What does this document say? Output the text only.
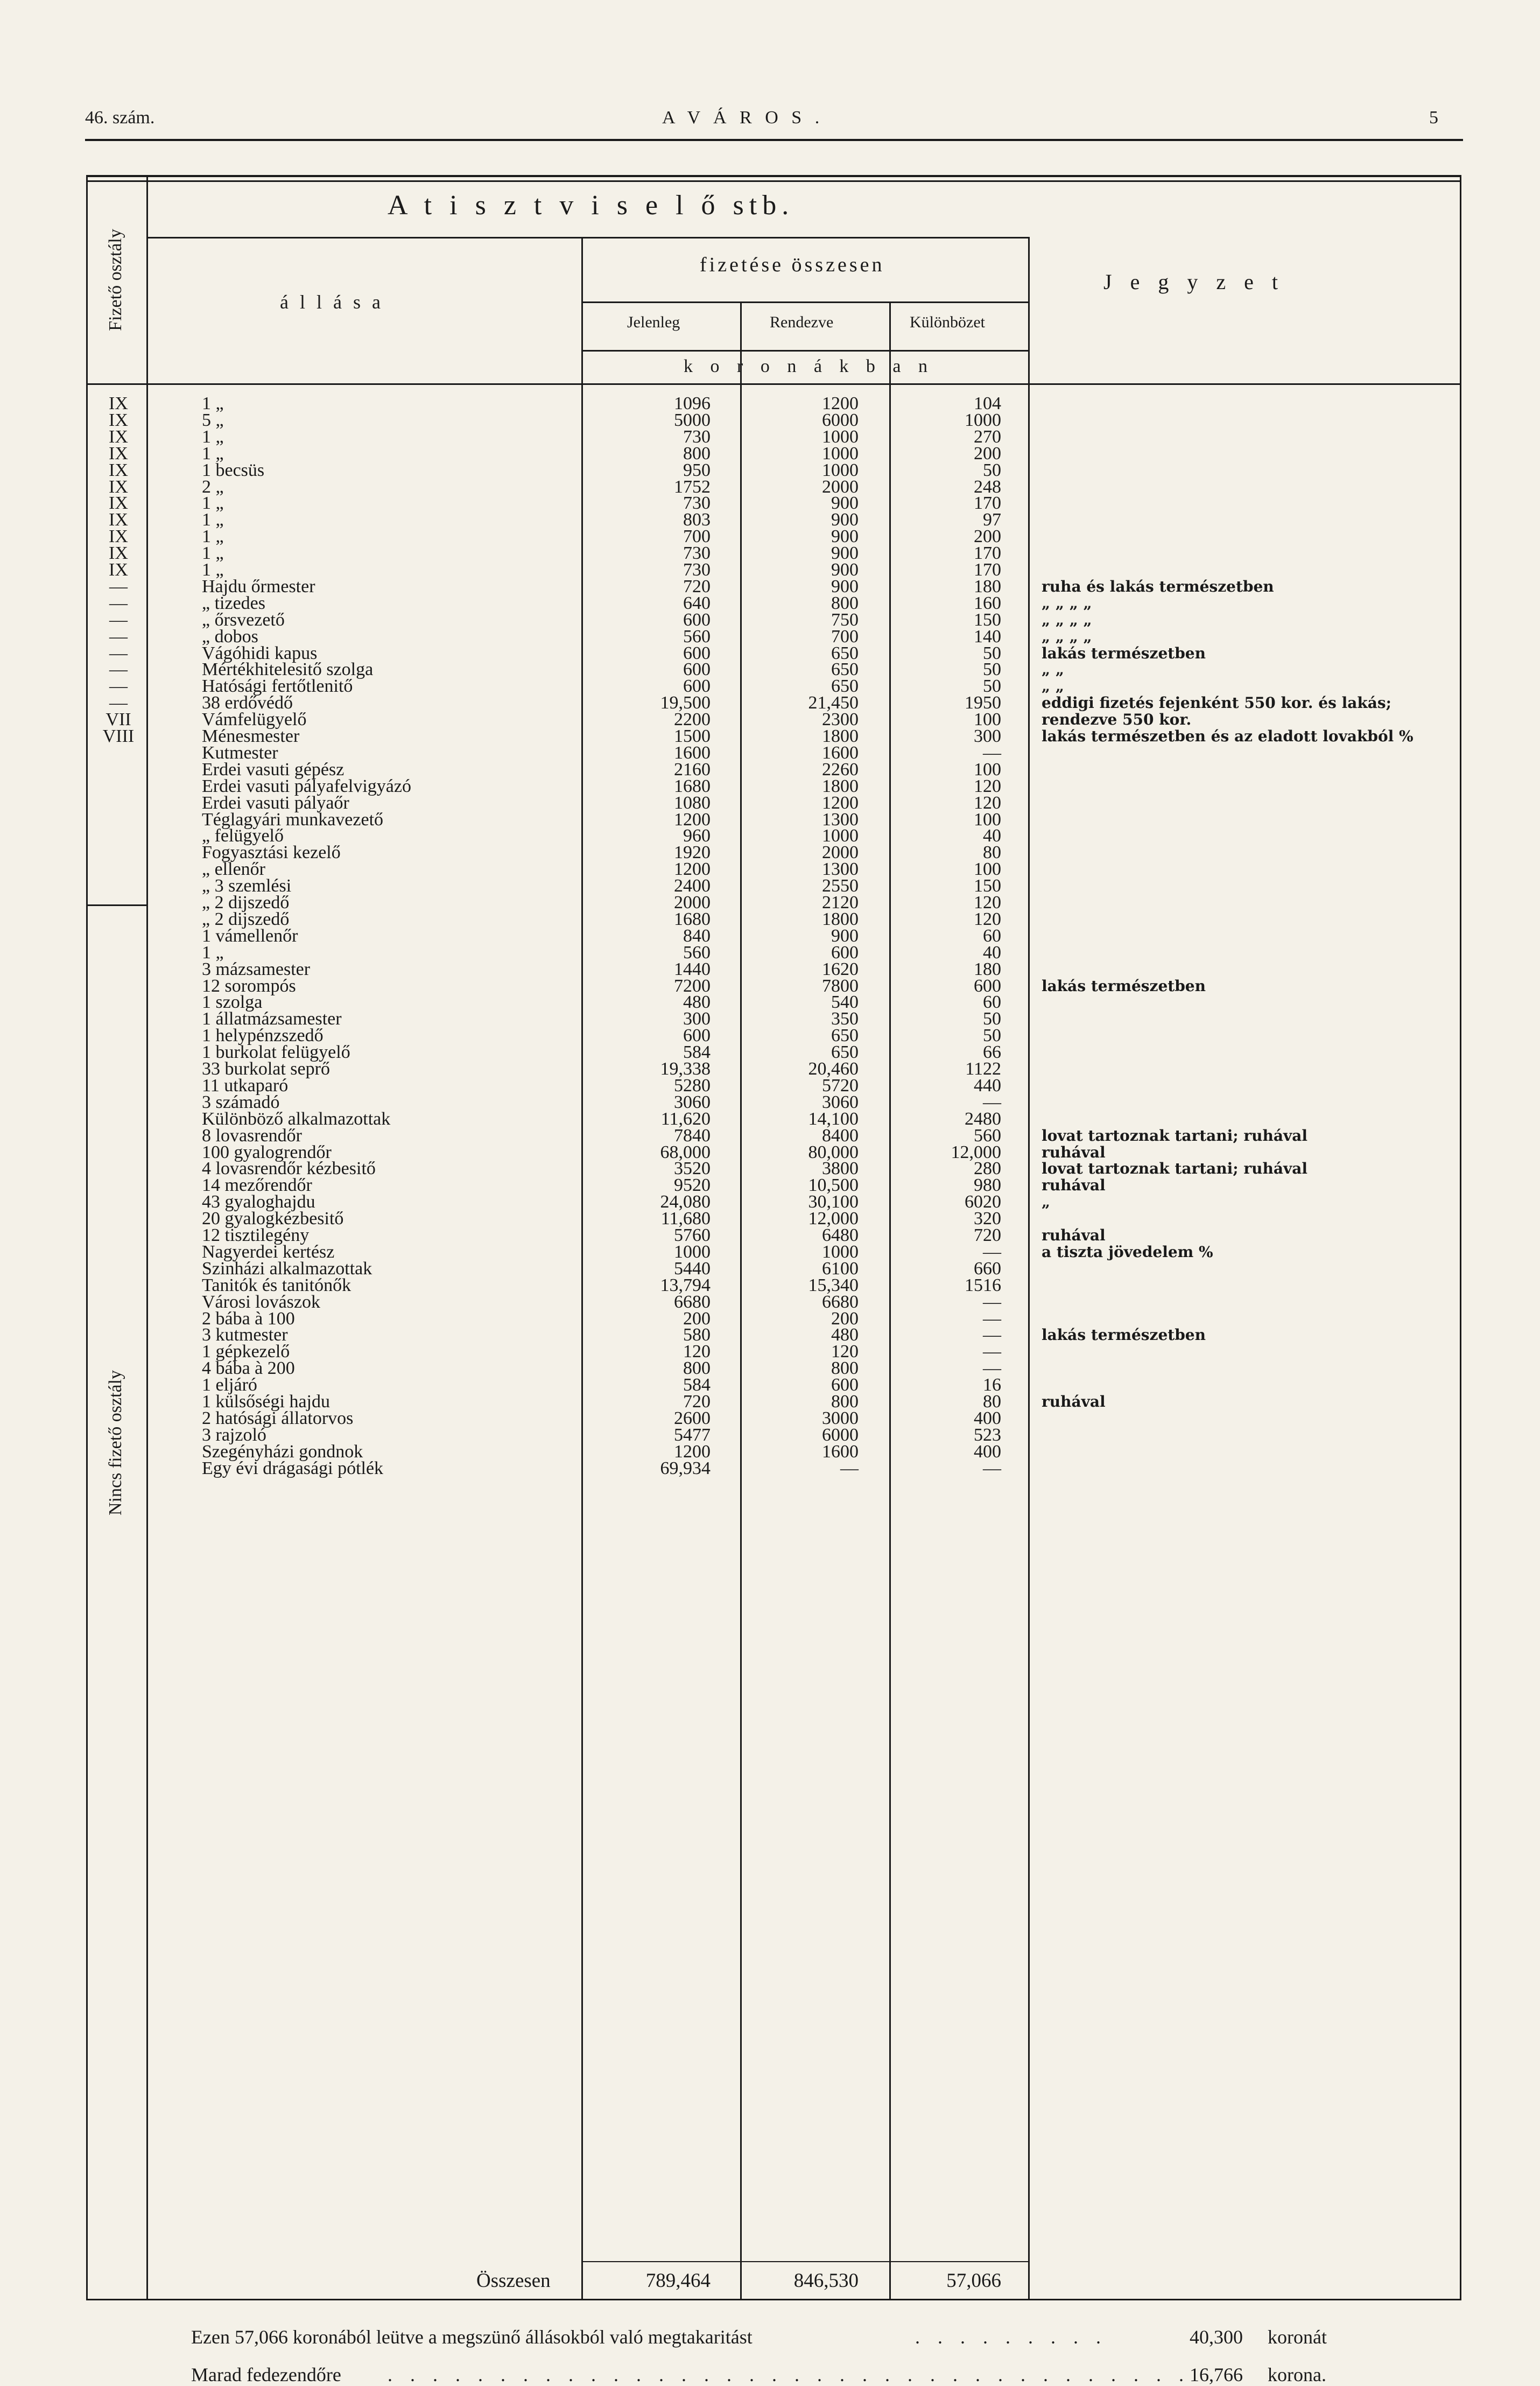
46. szám.	A V Á R O S .	5
A t i s z t v i s e l ő stb.
á l l á s a
fizetése összesen
Jelenleg	Rendezve	Különbözet
J e g y z e t
k o r o n á k b a n
Fizető osztály
Nincs fizető osztály
IX	1 „	1096	1200	104
IX	5 „	5000	6000	1000
IX	1 „	730	1000	270
IX	1 „	800	1000	200
IX	1 becsüs	950	1000	50
IX	2 „	1752	2000	248
IX	1 „	730	900	170
IX	1 „	803	900	97
IX	1 „	700	900	200
IX	1 „	730	900	170
IX	1 „	730	900	170
—	Hajdu őrmester	720	900	180	ruha és lakás természetben
—	„ tizedes	640	800	160	„ „ „ „
—	„ őrsvezető	600	750	150	„ „ „ „
—	„ dobos	560	700	140	„ „ „ „
—	Vágóhidi kapus	600	650	50	lakás természetben
—	Mértékhitelesitő szolga	600	650	50	„ „
—	Hatósági fertőtlenitő	600	650	50	„ „
—	38 erdővédő	19,500	21,450	1950	eddigi fizetés fejenként 550 kor. és lakás;
VII	Vámfelügyelő	2200	2300	100	rendezve 550 kor.
VIII	Ménesmester	1500	1800	300	lakás természetben és az eladott lovakból %
Kutmester	1600	1600	—
Erdei vasuti gépész	2160	2260	100
Erdei vasuti pályafelvigyázó	1680	1800	120
Erdei vasuti pályaőr	1080	1200	120
Téglagyári munkavezető	1200	1300	100
„ felügyelő	960	1000	40
Fogyasztási kezelő	1920	2000	80
„ ellenőr	1200	1300	100
„ 3 szemlési	2400	2550	150
„ 2 dijszedő	2000	2120	120
„ 2 dijszedő	1680	1800	120
1 vámellenőr	840	900	60
1 „	560	600	40
3 mázsamester	1440	1620	180
12 sorompós	7200	7800	600	lakás természetben
1 szolga	480	540	60
1 állatmázsamester	300	350	50
1 helypénzszedő	600	650	50
1 burkolat felügyelő	584	650	66
33 burkolat seprő	19,338	20,460	1122
11 utkaparó	5280	5720	440
3 számadó	3060	3060	—
Különböző alkalmazottak	11,620	14,100	2480
8 lovasrendőr	7840	8400	560	lovat tartoznak tartani; ruhával
100 gyalogrendőr	68,000	80,000	12,000	ruhával
4 lovasrendőr kézbesitő	3520	3800	280	lovat tartoznak tartani; ruhával
14 mezőrendőr	9520	10,500	980	ruhával
43 gyaloghajdu	24,080	30,100	6020	„
20 gyalogkézbesitő	11,680	12,000	320
12 tisztilegény	5760	6480	720	ruhával
Nagyerdei kertész	1000	1000	—	a tiszta jövedelem %
Szinházi alkalmazottak	5440	6100	660
Tanitók és tanitónők	13,794	15,340	1516
Városi lovászok	6680	6680	—
2 bába à 100	200	200	—
3 kutmester	580	480	—	lakás természetben
1 gépkezelő	120	120	—
4 bába à 200	800	800	—
1 eljáró	584	600	16
1 külsőségi hajdu	720	800	80	ruhával
2 hatósági állatorvos	2600	3000	400
3 rajzoló	5477	6000	523
Szegényházi gondnok	1200	1600	400
Egy évi drágasági pótlék	69,934	—	—
Összesen	789,464	846,530	57,066
Ezen 57,066 koronából leütve a megszünő állásokból való megtakaritást	. . . . . . . . .	40,300 koronát
Marad fedezendőre . . . . . . . . . . . . . . . . . . . . . . . . . . . . . . . . . . . . 16,766 korona.
